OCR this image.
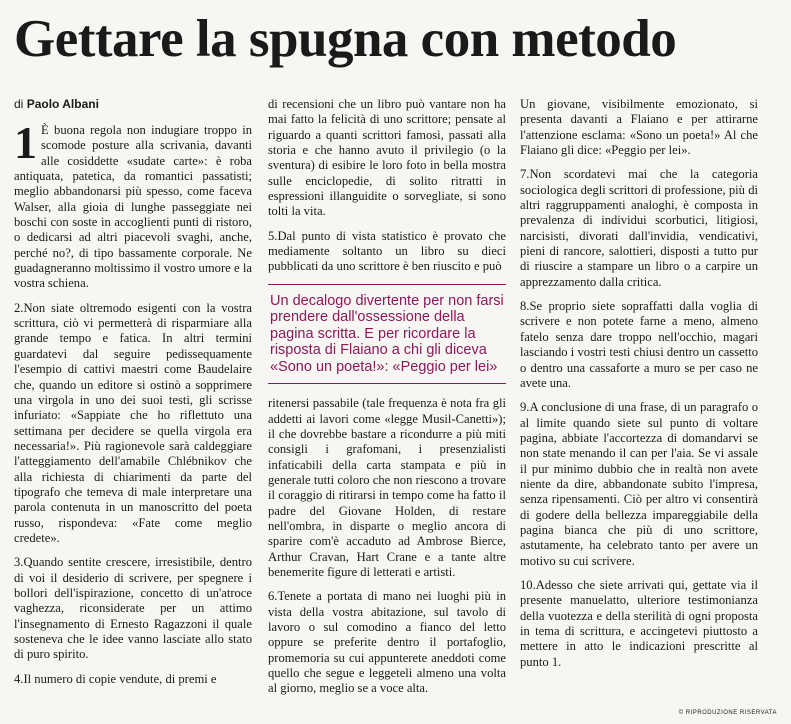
Gettare la spugna con metodo

di Paolo Albani

1 È buona regola non indugiare troppo in scomode posture alla scrivania, davanti alle cosiddette «sudate carte»: è roba antiquata, patetica, da romantici passatisti; meglio abbandonarsi più spesso, come faceva Walser, alla gioia di lunghe passeggiate nei boschi con soste in accoglienti punti di ristoro, o dedicarsi ad altri piacevoli svaghi, anche, perché no?, di tipo bassamente corporale. Ne guadagneranno moltissimo il vostro umore e la vostra schiena.

2.Non siate oltremodo esigenti con la vostra scrittura, ciò vi permetterà di risparmiare alla grande tempo e fatica. In altri termini guardatevi dal seguire pedissequamente l'esempio di cattivi maestri come Baudelaire che, quando un editore si ostinò a sopprimere una virgola in uno dei suoi testi, gli scrisse infuriato: «Sappiate che ho riflettuto una settimana per decidere se quella virgola era necessaria!». Più ragionevole sarà caldeggiare l'atteggiamento dell'amabile Chlébnikov che alla richiesta di chiarimenti da parte del tipografo che temeva di male interpretare una parola contenuta in un manoscritto del poeta russo, rispondeva: «Fate come meglio credete».

3.Quando sentite crescere, irresistibile, dentro di voi il desiderio di scrivere, per spegnere i bollori dell'ispirazione, concetto di un'atroce vaghezza, riconsiderate per un attimo l'insegnamento di Ernesto Ragazzoni il quale sosteneva che le idee vanno lasciate allo stato di puro spirito.

4.Il numero di copie vendute, di premi e

di recensioni che un libro può vantare non ha mai fatto la felicità di uno scrittore; pensate al riguardo a quanti scrittori famosi, passati alla storia e che hanno avuto il privilegio (o la sventura) di esibire le loro foto in bella mostra sulle enciclopedie, di solito ritratti in espressioni illanguidite o sorvegliate, si sono tolti la vita.

5.Dal punto di vista statistico è provato che mediamente soltanto un libro su dieci pubblicati da uno scrittore è ben riuscito e può

Un decalogo divertente per non farsi prendere dall'ossessione della pagina scritta. E per ricordare la risposta di Flaiano a chi gli diceva «Sono un poeta!»: «Peggio per lei»

ritenersi passabile (tale frequenza è nota fra gli addetti ai lavori come «legge Musil-Canetti»); il che dovrebbe bastare a ricondurre a più miti consigli i grafomani, i presenzialisti infaticabili della carta stampata e più in generale tutti coloro che non riescono a trovare il coraggio di ritirarsi in tempo come ha fatto il padre del Giovane Holden, di restare nell'ombra, in disparte o meglio ancora di sparire com'è accaduto ad Ambrose Bierce, Arthur Cravan, Hart Crane e a tante altre benemerite figure di letterati e artisti.

6.Tenete a portata di mano nei luoghi più in vista della vostra abitazione, sul tavolo di lavoro o sul comodino a fianco del letto oppure se preferite dentro il portafoglio, promemoria su cui appunterete aneddoti come quello che segue e leggeteli almeno una volta al giorno, meglio se a voce alta.

Un giovane, visibilmente emozionato, si presenta davanti a Flaiano e per attirarne l'attenzione esclama: «Sono un poeta!» Al che Flaiano gli dice: «Peggio per lei».

7.Non scordatevi mai che la categoria sociologica degli scrittori di professione, più di altri raggruppamenti analoghi, è composta in prevalenza di individui scorbutici, litigiosi, narcisisti, divorati dall'invidia, vendicativi, pieni di rancore, salottieri, disposti a tutto pur di riuscire a stampare un libro o a carpire un apprezzamento dalla critica.

8.Se proprio siete sopraffatti dalla voglia di scrivere e non potete farne a meno, almeno fatelo senza dare troppo nell'occhio, magari lasciando i vostri testi chiusi dentro un cassetto o dentro una cassaforte a muro se per caso ne avete una.

9.A conclusione di una frase, di un paragrafo o al limite quando siete sul punto di voltare pagina, abbiate l'accortezza di domandarvi se non state menando il can per l'aia. Se vi assale il pur minimo dubbio che in realtà non avete niente da dire, abbandonate subito l'impresa, senza ripensamenti. Ciò per altro vi consentirà di godere della bellezza impareggiabile della pagina bianca che più di uno scrittore, astutamente, ha celebrato tanto per avere un motivo su cui scrivere.

10.Adesso che siete arrivati qui, gettate via il presente manuelatto, ulteriore testimonianza della vuotezza e della sterilità di ogni proposta in tema di scrittura, e accingetevi piuttosto a mettere in atto le indicazioni prescritte al punto 1.

© RIPRODUZIONE RISERVATA
